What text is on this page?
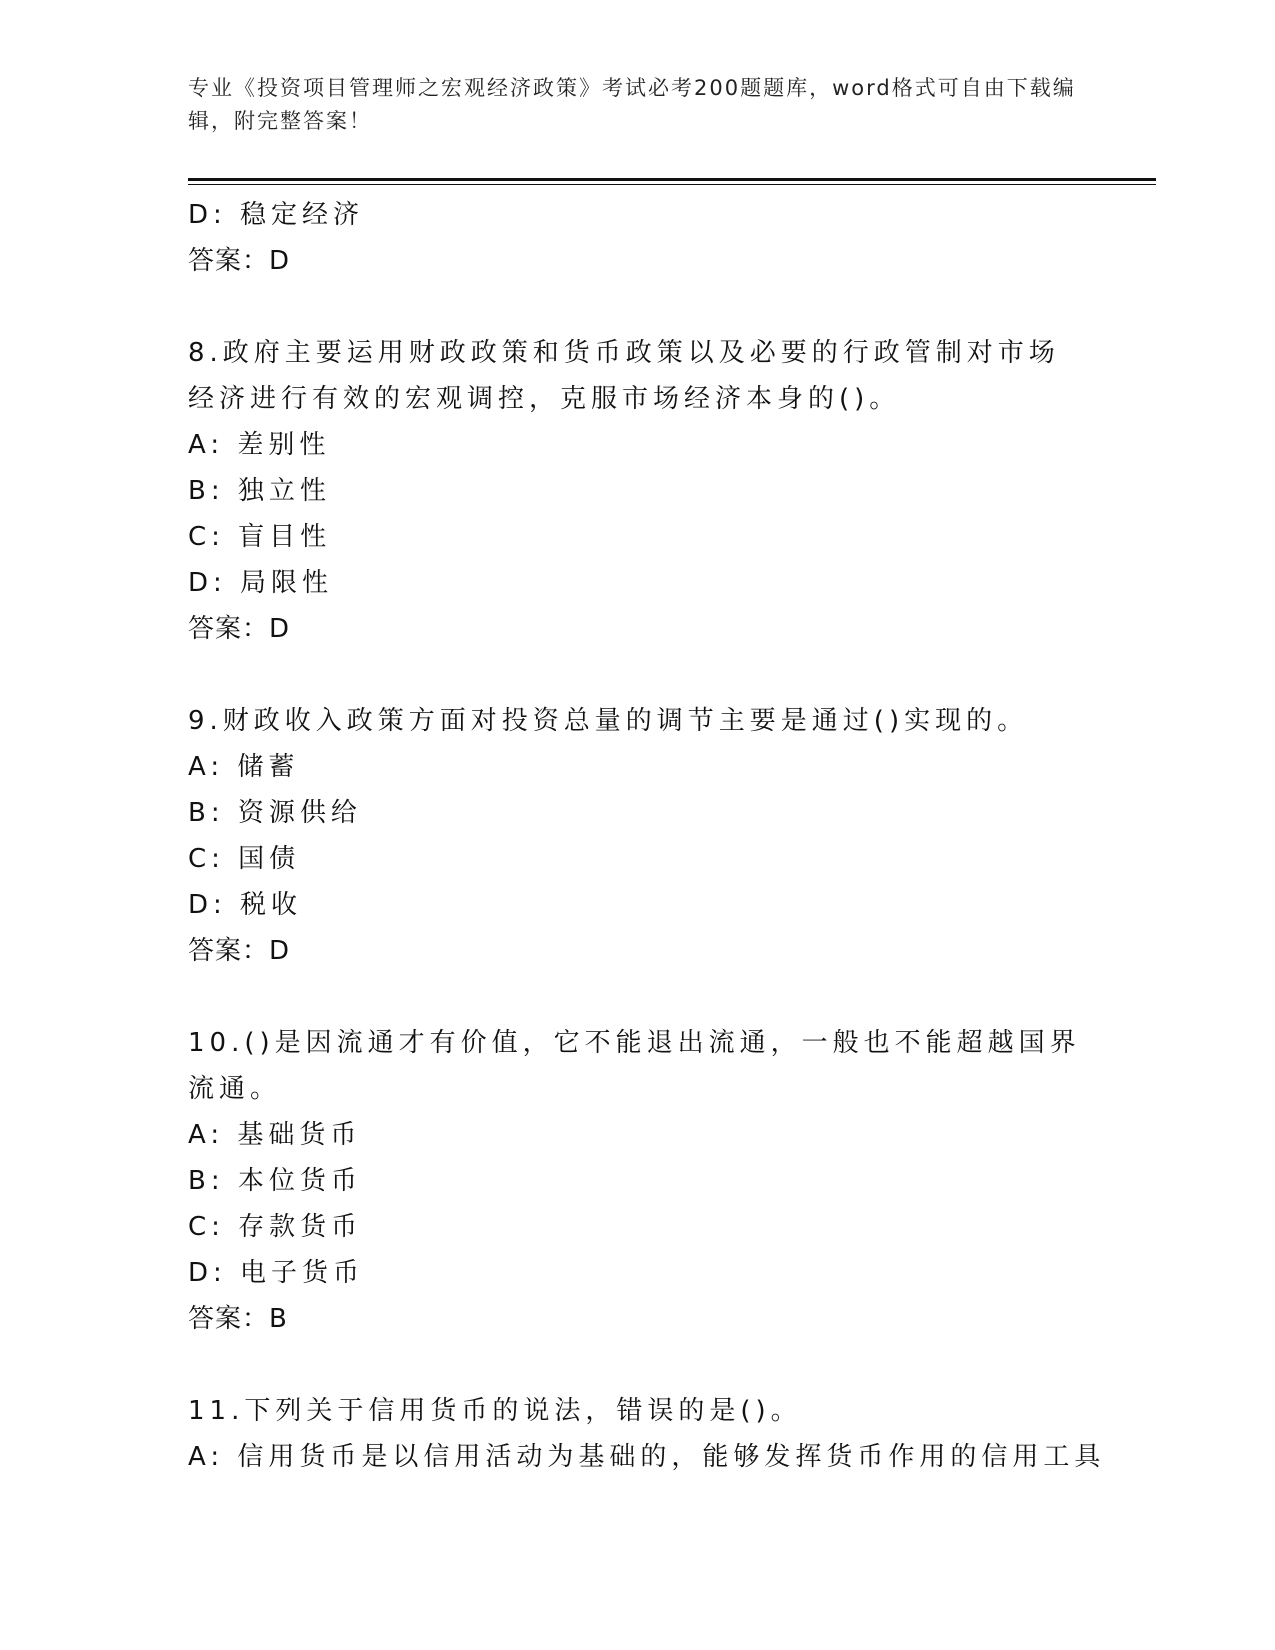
专业《投资项目管理师之宏观经济政策》考试必考200题题库，word格式可自由下载编辑，附完整答案！
D: 稳定经济
答案：D
8.政府主要运用财政政策和货币政策以及必要的行政管制对市场经济进行有效的宏观调控，克服市场经济本身的()。
A: 差别性
B: 独立性
C: 盲目性
D: 局限性
答案：D
9.财政收入政策方面对投资总量的调节主要是通过()实现的。
A: 储蓄
B: 资源供给
C: 国债
D: 税收
答案：D
10.()是因流通才有价值，它不能退出流通，一般也不能超越国界流通。
A: 基础货币
B: 本位货币
C: 存款货币
D: 电子货币
答案：B
11.下列关于信用货币的说法，错误的是()。
A: 信用货币是以信用活动为基础的，能够发挥货币作用的信用工具
